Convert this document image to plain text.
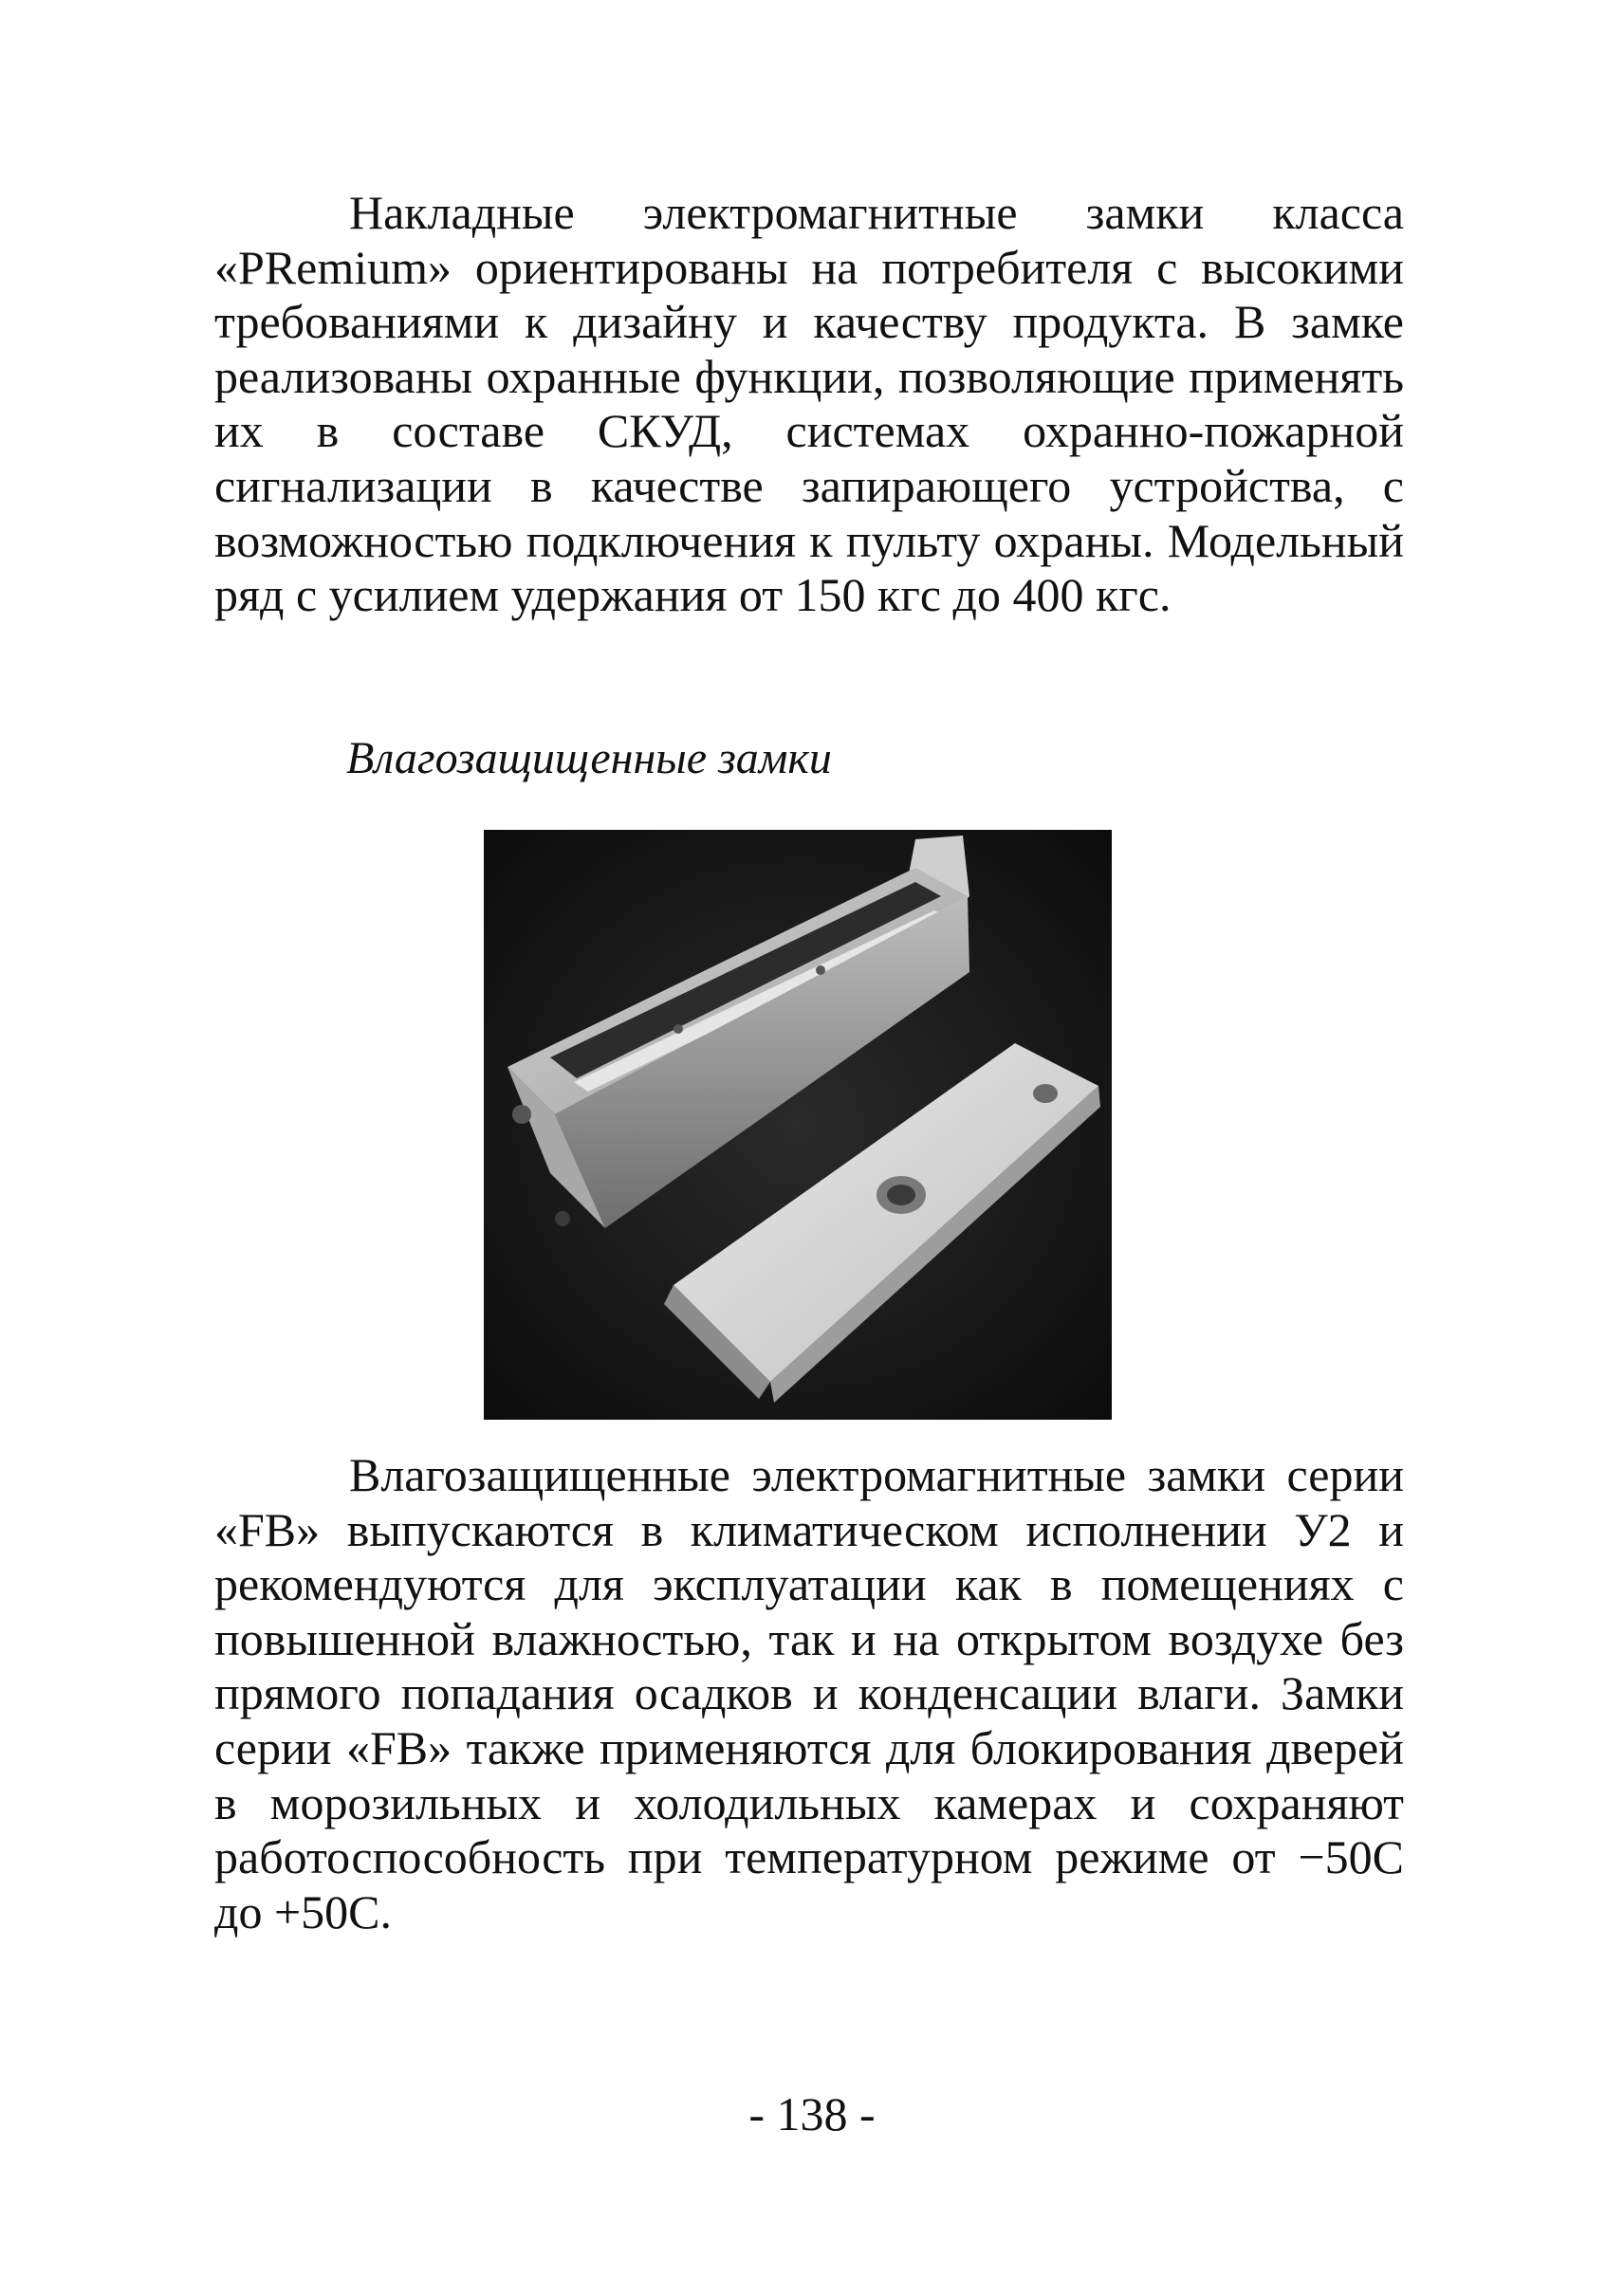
Накладные электромагнитные замки класса «PRemium» ориентированы на потребителя с высокими требованиями к дизайну и качеству продукта. В замке реализованы охранные функции, позволяющие применять их в составе СКУД, системах охранно-пожарной сигнализации в качестве запирающего устройства, с возможностью подключения к пульту охраны. Модельный ряд с усилием удержания от 150 кгс до 400 кгс.

Влагозащищенные замки

Влагозащищенные электромагнитные замки серии «FB» выпускаются в климатическом исполнении У2 и рекомендуются для эксплуатации как в помещениях с повышенной влажностью, так и на открытом воздухе без прямого попадания осадков и конденсации влаги. Замки серии «FB» также применяются для блокирования дверей в морозильных и холодильных камерах и сохраняют работоспособность при температурном режиме от −50С до +50С.

- 138 -
